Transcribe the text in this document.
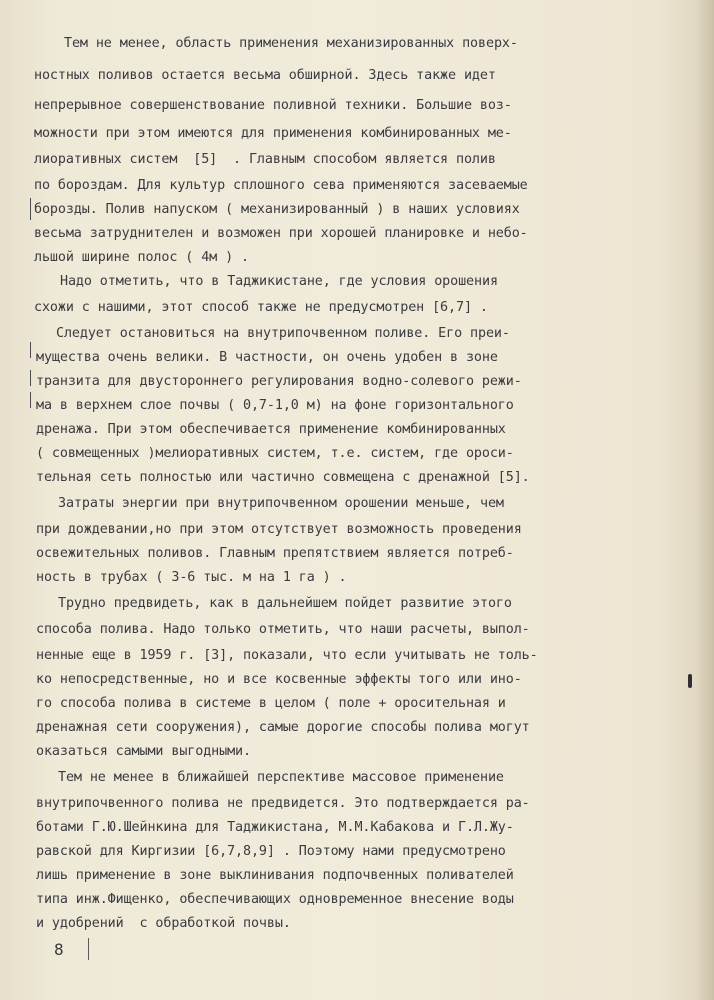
Тем не менее, область применения механизированных поверх-
ностных поливов остается весьма обширной. Здесь также идет
непрерывное совершенствование поливной техники. Большие воз-
можности при этом имеются для применения комбинированных ме-
лиоративных систем  [5]  . Главным способом является полив
по бороздам. Для культур сплошного сева применяются засеваемые
борозды. Полив напуском ( механизированный ) в наших условиях
весьма затруднителен и возможен при хорошей планировке и небо-
льшой ширине полос ( 4м ) .
Надо отметить, что в Таджикистане, где условия орошения
схожи с нашими, этот способ также не предусмотрен [6,7] .
Следует остановиться на внутрипочвенном поливе. Его преи-
мущества очень велики. В частности, он очень удобен в зоне
транзита для двустороннего регулирования водно-солевого режи-
ма в верхнем слое почвы ( 0,7-1,0 м) на фоне горизонтального
дренажа. При этом обеспечивается применение комбинированных
( совмещенных )мелиоративных систем, т.е. систем, где ороси-
тельная сеть полностью или частично совмещена с дренажной [5].
Затраты энергии при внутрипочвенном орошении меньше, чем
при дождевании,но при этом отсутствует возможность проведения
освежительных поливов. Главным препятствием является потреб-
ность в трубах ( 3-6 тыс. м на 1 га ) .
Трудно предвидеть, как в дальнейшем пойдет развитие этого
способа полива. Надо только отметить, что наши расчеты, выпол-
ненные еще в 1959 г. [3], показали, что если учитывать не толь-
ко непосредственные, но и все косвенные эффекты того или ино-
го способа полива в системе в целом ( поле + оросительная и
дренажная сети сооружения), самые дорогие способы полива могут
оказаться самыми выгодными.
Тем не менее в ближайшей перспективе массовое применение
внутрипочвенного полива не предвидется. Это подтверждается ра-
ботами Г.Ю.Шейнкина для Таджикистана, М.М.Кабакова и Г.Л.Жу-
равской для Киргизии [6,7,8,9] . Поэтому нами предусмотрено
лишь применение в зоне выклинивания подпочвенных поливателей
типа инж.Фищенко, обеспечивающих одновременное внесение воды
и удобрений  с обработкой почвы.
8
